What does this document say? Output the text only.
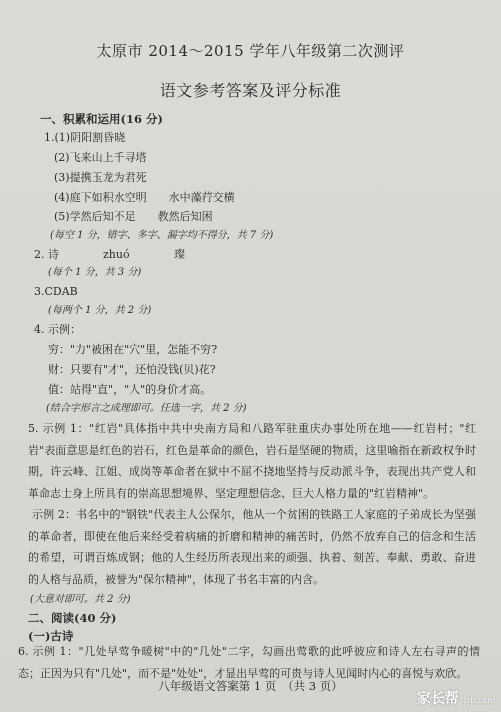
太原市 2014～2015 学年八年级第二次测评
语文参考答案及评分标准
一、积累和运用(16 分)
1.(1)阴阳割昏晓
(2)飞来山上千寻塔
(3)提携玉龙为君死
(4)庭下如积水空明　　水中藻荇交横
(5)学然后知不足　　教然后知困
(每空 1 分，错字、多字、漏字均不得分，共 7 分)
2. 诗	zhuó	璨
(每个 1 分，共 3 分)
3.CDAB
(每两个 1 分，共 2 分)
4. 示例：
穷："力"被困在"穴"里，怎能不穷?
财：只要有"才"，还怕没钱(贝)花?
值：站得"直"，"人"的身价才高。
(结合字形言之成理即可。任选一字，共 2 分)
5. 示例 1："红岩"具体指中共中央南方局和八路军驻重庆办事处所在地——红岩村；"红岩"表面意思是红色的岩石，红色是革命的颜色，岩石是坚硬的物质，这里喻指在新政权争时期，许云峰、江姐、成岗等革命者在狱中不屈不挠地坚持与反动派斗争，表现出共产党人和革命志士身上所具有的崇高思想境界、坚定理想信念、巨大人格力量的"红岩精神"。
示例 2：书名中的"钢铁"代表主人公保尔，他从一个贫困的铁路工人家庭的子弟成长为坚强的革命者，即使在他后来经受着病痛的折磨和精神的痛苦时，仍然不放弃自己的信念和生活的希望，可谓百炼成钢；他的人生经历所表现出来的顽强、执着、刻苦、奉献、勇敢、奋进的人格与品质，被誉为"保尔精神"，体现了书名丰富的内含。
(大意对即可。共 2 分)
二、阅读(40 分)
(一)古诗
6. 示例 1："几处早莺争暖树"中的"几处"二字，勾画出莺歌的此呼彼应和诗人左右寻声的情态；正因为只有"几处"，而不是"处处"，才显出早莺的可贵与诗人见闻时内心的喜悦与欢欣。
八年级语文答案第 1 页　（共 3 页）
家长帮 jzb.com
